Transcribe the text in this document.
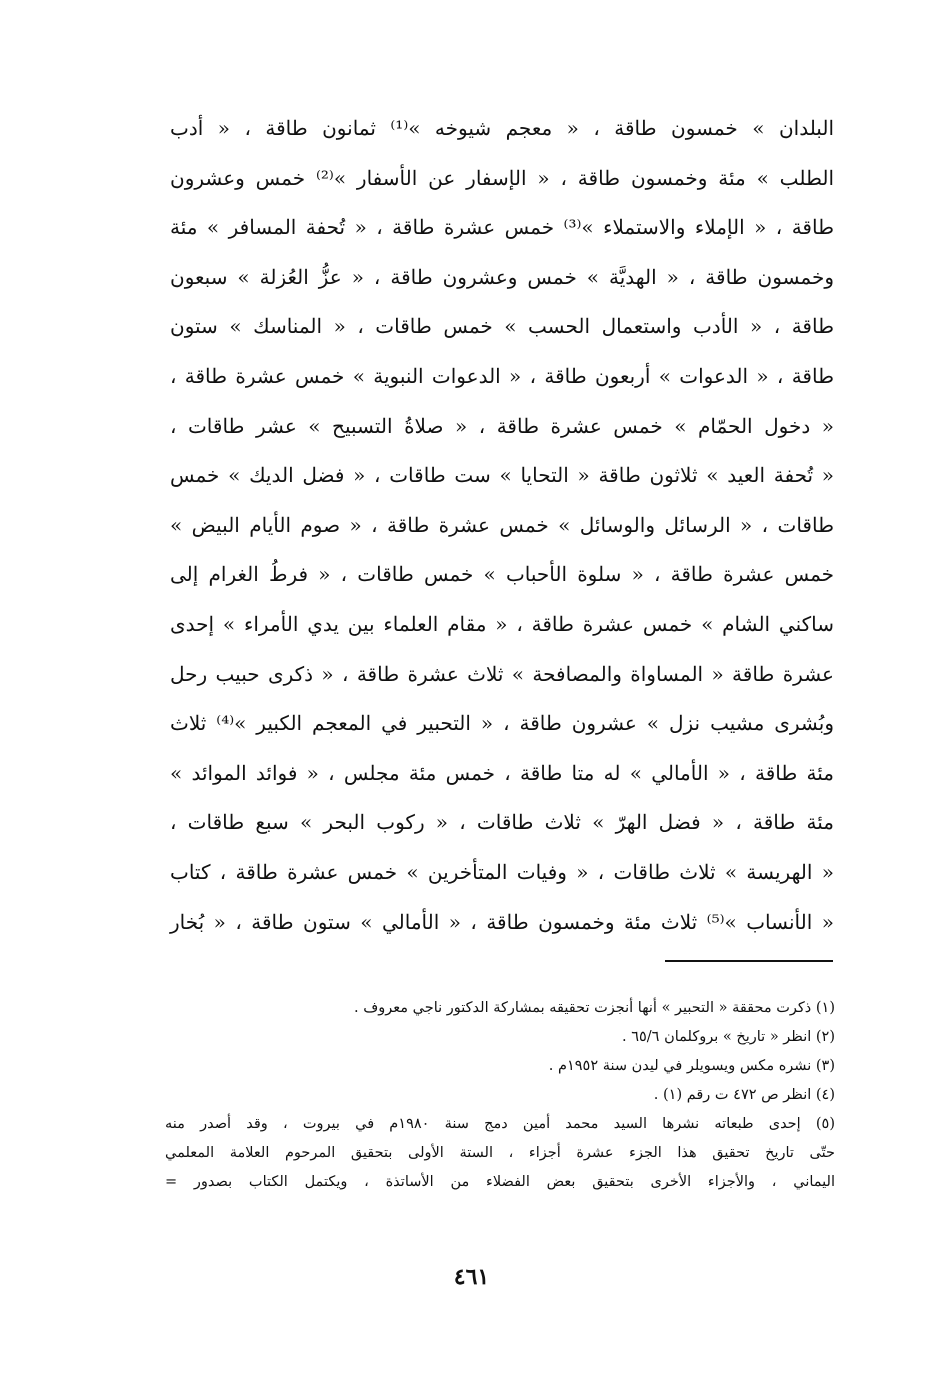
البلدان » خمسون طاقة ، « معجم شيوخه »⁽¹⁾ ثمانون طاقة ، « أدب
الطلب » مئة وخمسون طاقة ، « الإسفار عن الأسفار »⁽²⁾ خمس وعشرون
طاقة ، « الإملاء والاستملاء »⁽³⁾ خمس عشرة طاقة ، « تُحفة المسافر » مئة
وخمسون طاقة ، « الهديَّة » خمس وعشرون طاقة ، « عزُّ العُزلة » سبعون
طاقة ، « الأدب واستعمال الحسب » خمس طاقات ، « المناسك » ستون
طاقة ، « الدعوات » أربعون طاقة ، « الدعوات النبوية » خمس عشرة طاقة ،
« دخول الحمّام » خمس عشرة طاقة ، « صلاةُ التسبيح » عشر طاقات ،
« تُحفة العيد » ثلاثون طاقة « التحايا » ست طاقات ، « فضل الديك » خمس
طاقات ، « الرسائل والوسائل » خمس عشرة طاقة ، « صوم الأيام البيض »
خمس عشرة طاقة ، « سلوة الأحباب » خمس طاقات ، « فرطُ الغرام إلى
ساكني الشام » خمس عشرة طاقة ، « مقام العلماء بين يدي الأمراء » إحدى
عشرة طاقة « المساواة والمصافحة » ثلاث عشرة طاقة ، « ذكرى حبيب رحل
وبُشرى مشيب نزل » عشرون طاقة ، « التحبير في المعجم الكبير »⁽⁴⁾ ثلاث
مئة طاقة ، « الأمالي » له متا طاقة ، خمس مئة مجلس ، « فوائد الموائد »
مئة طاقة ، « فضل الهرّ » ثلاث طاقات ، « ركوب البحر » سبع طاقات ،
« الهريسة » ثلاث طاقات ، « وفيات المتأخرين » خمس عشرة طاقة ، كتاب
« الأنساب »⁽⁵⁾ ثلاث مئة وخمسون طاقة ، « الأمالي » ستون طاقة ، « بُخار
(١) ذكرت محققة « التحبير » أنها أنجزت تحقيقه بمشاركة الدكتور ناجي معروف .
(٢) انظر « تاريخ » بروكلمان ٦٥/٦ .
(٣) نشره مكس ويسويلر في ليدن سنة ١٩٥٢م .
(٤) انظر ص ٤٧٢ ت رقم (١) .
(٥) إحدى طبعاته نشرها السيد محمد أمين دمج سنة ١٩٨٠م في بيروت ، وقد أصدر منه
حتّى تاريخ تحقيق هذا الجزء عشرة أجزاء ، الستة الأولى بتحقيق المرحوم العلامة المعلمي
اليماني ، والأجزاء الأخرى بتحقيق بعض الفضلاء من الأساتذة ، ويكتمل الكتاب بصدور =
٤٦١
